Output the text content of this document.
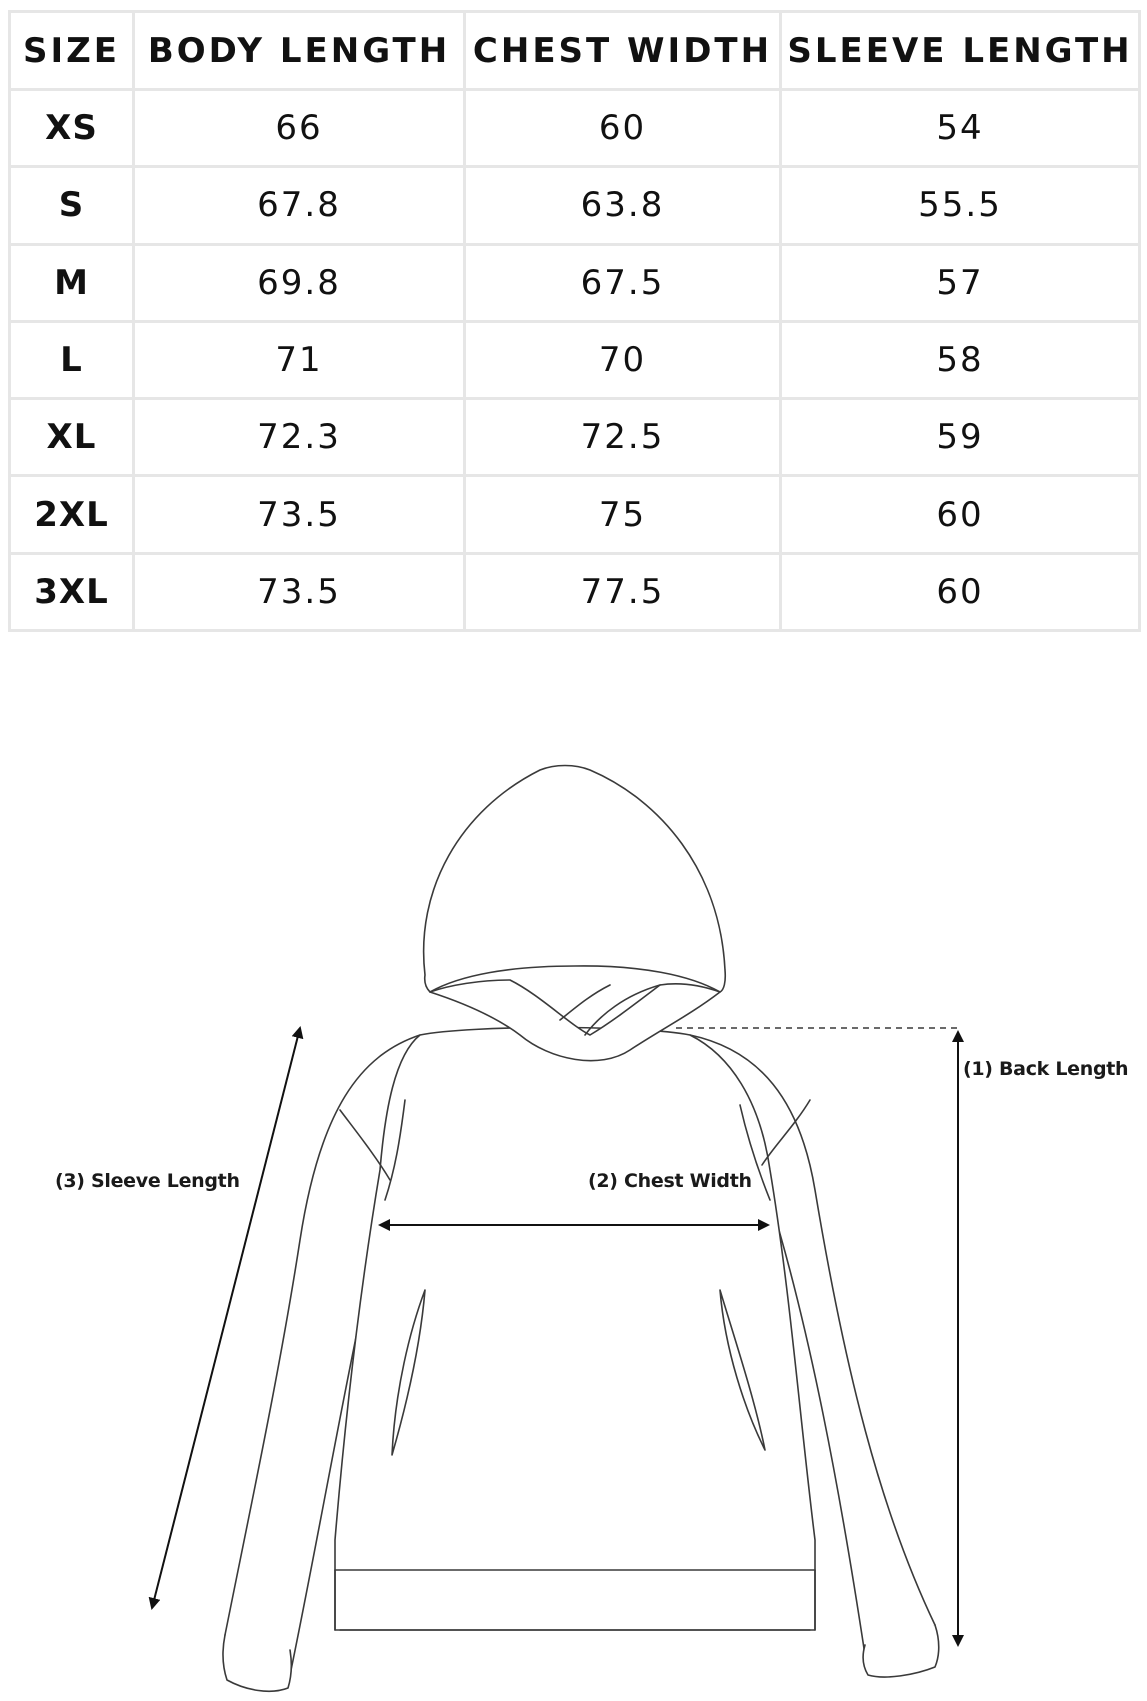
SIZE	BODY LENGTH	CHEST WIDTH	SLEEVE LENGTH
XS	66	60	54
S	67.8	63.8	55.5
M	69.8	67.5	57
L	71	70	58
XL	72.3	72.5	59
2XL	73.5	75	60
3XL	73.5	77.5	60
(1) Back Length
(2) Chest Width
(3) Sleeve Length
